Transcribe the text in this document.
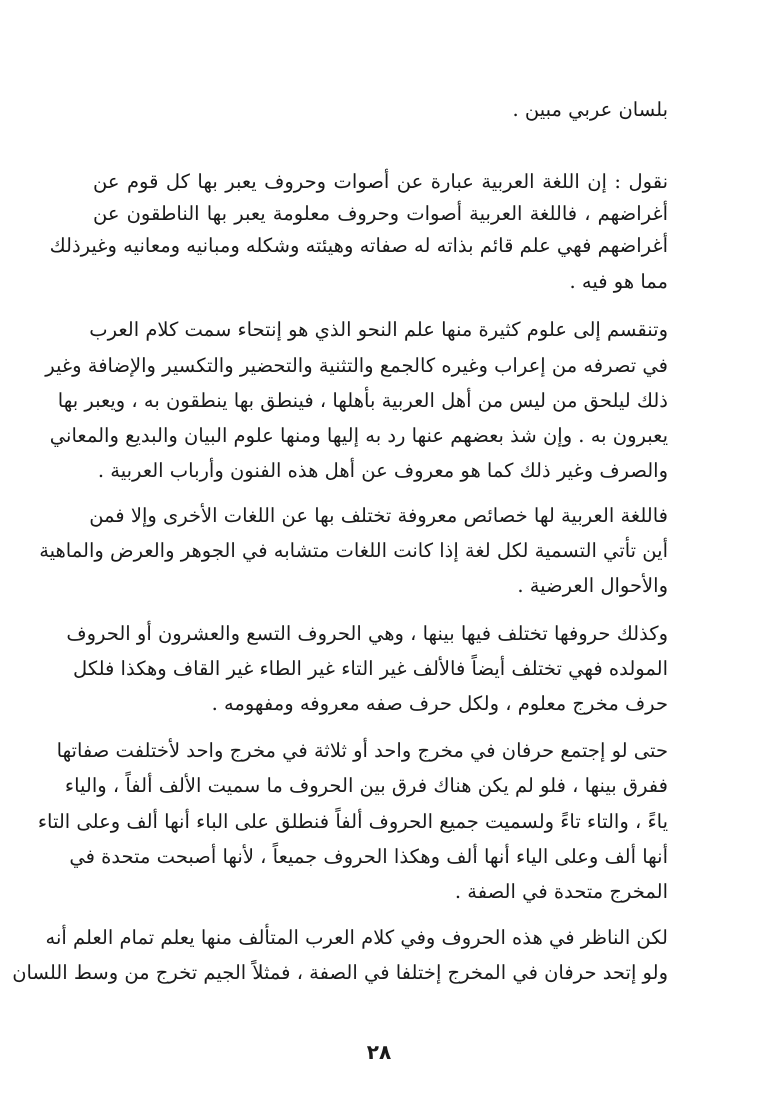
بلسان عربي مبين .
نقول : إن اللغة العربية عبارة عن أصوات وحروف يعبر بها كل قوم عن
أغراضهم ، فاللغة العربية أصوات وحروف معلومة يعبر بها الناطقون عن
أغراضهم فهي علم قائم بذاته له صفاته وهيئته وشكله ومبانيه ومعانيه وغيرذلك
مما هو فيه .
وتنقسم إلى علوم كثيرة منها علم النحو الذي هو إنتحاء سمت كلام العرب
في تصرفه من إعراب وغيره كالجمع والتثنية والتحضير والتكسير والإضافة وغير
ذلك ليلحق من ليس من أهل العربية بأهلها ، فينطق بها ينطقون به ، ويعبر بها
يعبرون به . وإن شذ بعضهم عنها رد به إليها ومنها علوم البيان والبديع والمعاني
والصرف وغير ذلك كما هو معروف عن أهل هذه الفنون وأرباب العربية .
فاللغة العربية لها خصائص معروفة تختلف بها عن اللغات الأخرى وإلا فمن
أين تأتي التسمية لكل لغة إذا كانت اللغات متشابه في الجوهر والعرض والماهية
والأحوال العرضية .
وكذلك حروفها تختلف فيها بينها ، وهي الحروف التسع والعشرون أو الحروف
المولده فهي تختلف أيضاً فالألف غير التاء غير الطاء غير القاف وهكذا فلكل
حرف مخرج معلوم ، ولكل حرف صفه معروفه ومفهومه .
حتى لو إجتمع حرفان في مخرج واحد أو ثلاثة في مخرج واحد لأختلفت صفاتها
ففرق بينها ، فلو لم يكن هناك فرق بين الحروف ما سميت الألف ألفاً ، والياء
ياءً ، والتاء تاءً ولسميت جميع الحروف ألفاً فنطلق على الباء أنها ألف وعلى التاء
أنها ألف وعلى الياء أنها ألف وهكذا الحروف جميعاً ، لأنها أصبحت متحدة في
المخرج متحدة في الصفة .
لكن الناظر في هذه الحروف وفي كلام العرب المتألف منها يعلم تمام العلم أنه
ولو إتحد حرفان في المخرج إختلفا في الصفة ، فمثلاً الجيم تخرج من وسط اللسان
٢٨
